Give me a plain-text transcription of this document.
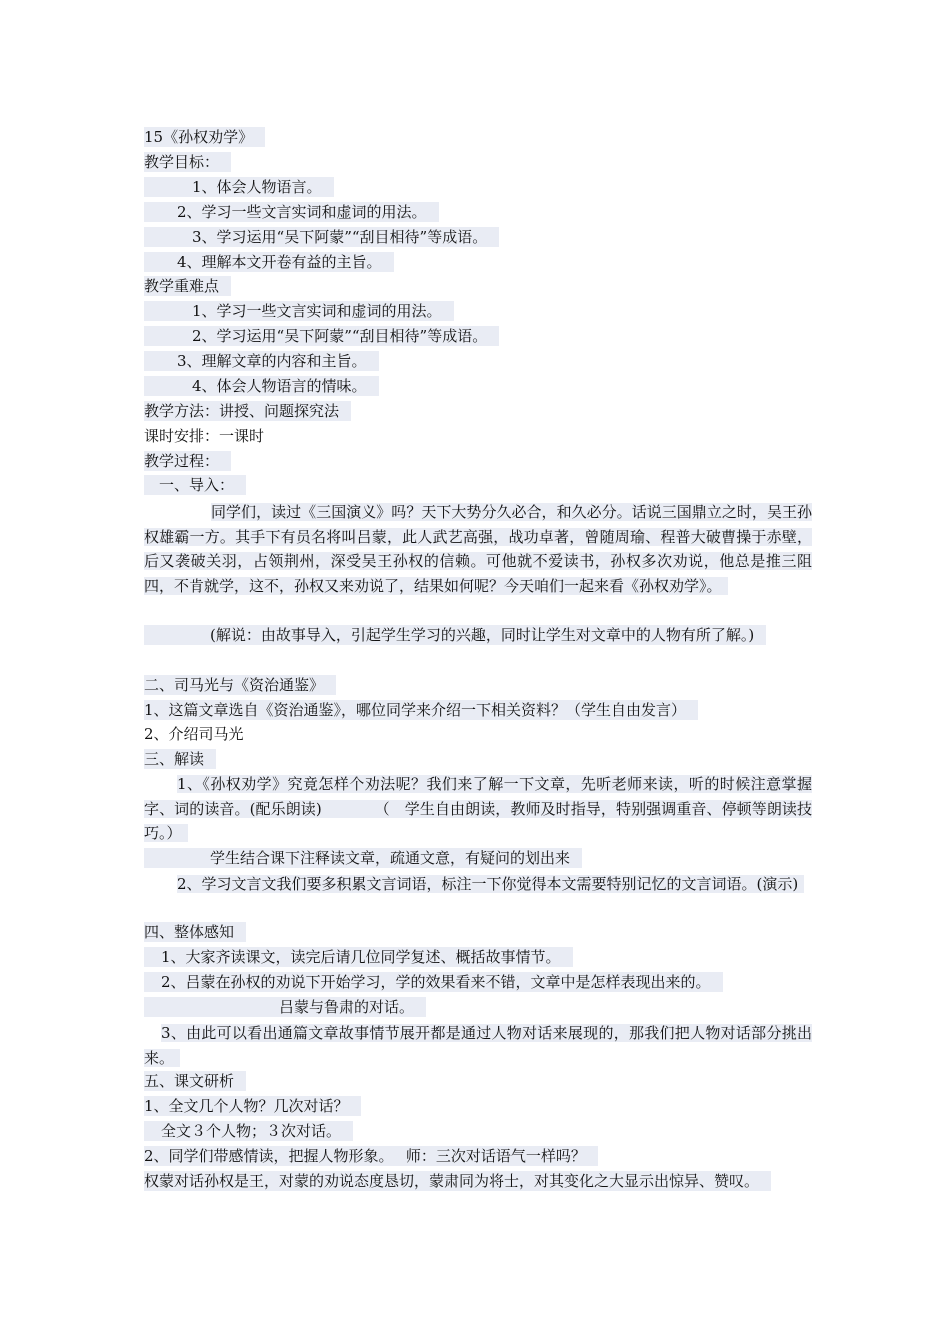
15《孙权劝学》
教学目标：
1、体会人物语言。
2、学习一些文言实词和虚词的用法。
3、学习运用“吴下阿蒙”“刮目相待”等成语。
4、理解本文开卷有益的主旨。
教学重难点
1、学习一些文言实词和虚词的用法。
2、学习运用“吴下阿蒙”“刮目相待”等成语。
3、理解文章的内容和主旨。
4、体会人物语言的情味。
教学方法：讲授、问题探究法
课时安排：一课时
教学过程：
一、导入：
同学们，读过《三国演义》吗？天下大势分久必合，和久必分。话说三国鼎立之时，吴王孙权雄霸一方。其手下有员名将叫吕蒙，此人武艺高强，战功卓著，曾随周瑜、程普大破曹操于赤壁，后又袭破关羽，占领荆州，深受吴王孙权的信赖。可他就不爱读书，孙权多次劝说，他总是推三阻四，不肯就学，这不，孙权又来劝说了，结果如何呢？今天咱们一起来看《孙权劝学》。
(解说：由故事导入，引起学生学习的兴趣，同时让学生对文章中的人物有所了解。)
二、司马光与《资治通鉴》
1、这篇文章选自《资治通鉴》，哪位同学来介绍一下相关资料？（学生自由发言）
2、介绍司马光
三、解读
1、《孙权劝学》究竟怎样个劝法呢？我们来了解一下文章，先听老师来读，听的时候注意掌握字、词的读音。(配乐朗读)　　　　（　学生自由朗读，教师及时指导，特别强调重音、停顿等朗读技巧。）
学生结合课下注释读文章，疏通文意，有疑问的划出来
2、学习文言文我们要多积累文言词语，标注一下你觉得本文需要特别记忆的文言词语。(演示)
四、整体感知
1、大家齐读课文，读完后请几位同学复述、概括故事情节。
2、吕蒙在孙权的劝说下开始学习，学的效果看来不错，文章中是怎样表现出来的。
吕蒙与鲁肃的对话。
3、由此可以看出通篇文章故事情节展开都是通过人物对话来展现的，那我们把人物对话部分挑出来。
五、课文研析
1、全文几个人物？几次对话？
全文３个人物；３次对话。
2、同学们带感情读，把握人物形象。　 师：三次对话语气一样吗？
权蒙对话孙权是王，对蒙的劝说态度恳切，蒙肃同为将士，对其变化之大显示出惊异、赞叹。
